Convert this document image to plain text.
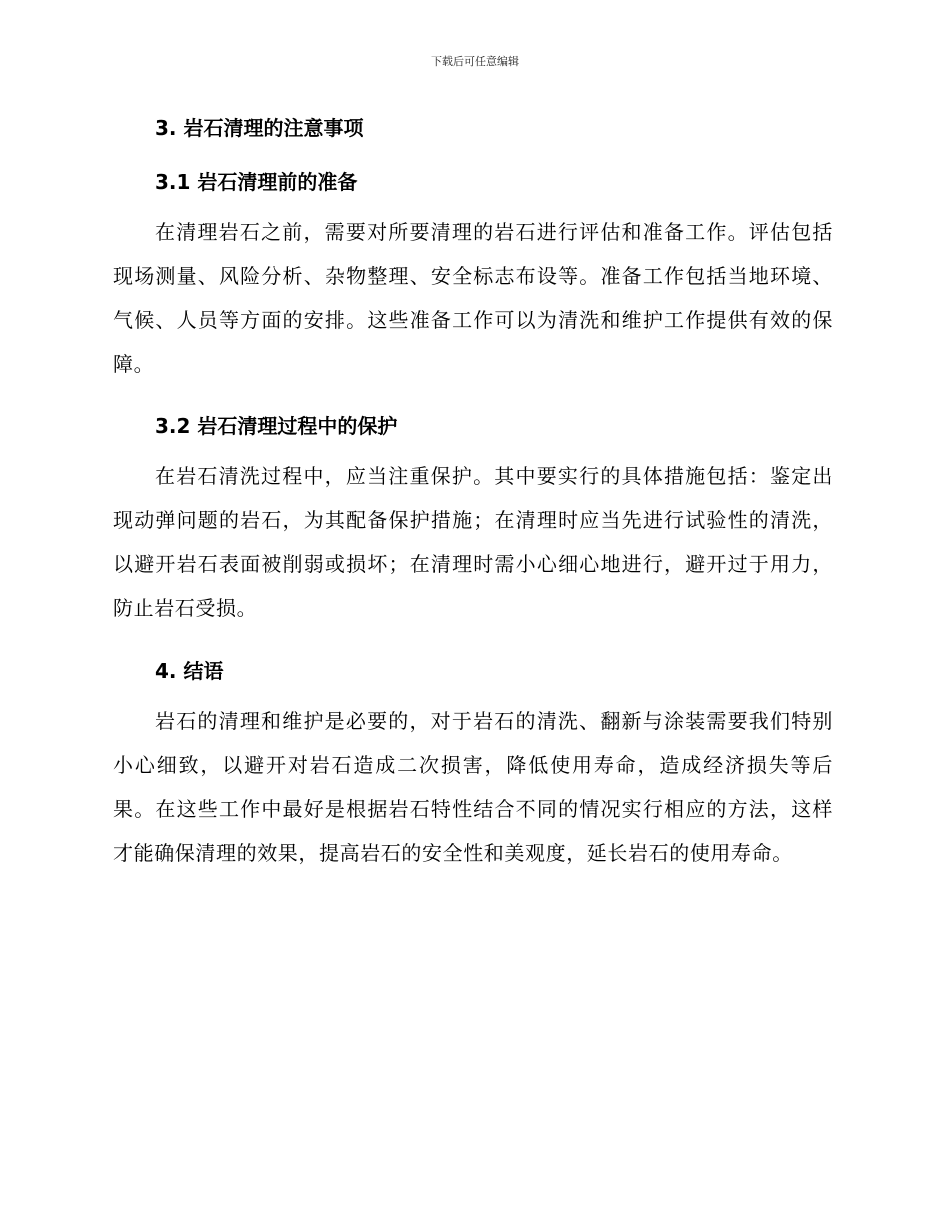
下载后可任意编辑
3. 岩石清理的注意事项
3.1 岩石清理前的准备

在清理岩石之前，需要对所要清理的岩石进行评估和准备工作。评估包括现场测量、风险分析、杂物整理、安全标志布设等。准备工作包括当地环境、气候、人员等方面的安排。这些准备工作可以为清洗和维护工作提供有效的保障。

3.2 岩石清理过程中的保护

在岩石清洗过程中，应当注重保护。其中要实行的具体措施包括：鉴定出现动弹问题的岩石，为其配备保护措施；在清理时应当先进行试验性的清洗，以避开岩石表面被削弱或损坏；在清理时需小心细心地进行，避开过于用力，防止岩石受损。

4. 结语

岩石的清理和维护是必要的，对于岩石的清洗、翻新与涂装需要我们特别小心细致，以避开对岩石造成二次损害，降低使用寿命，造成经济损失等后果。在这些工作中最好是根据岩石特性结合不同的情况实行相应的方法，这样才能确保清理的效果，提高岩石的安全性和美观度，延长岩石的使用寿命。
